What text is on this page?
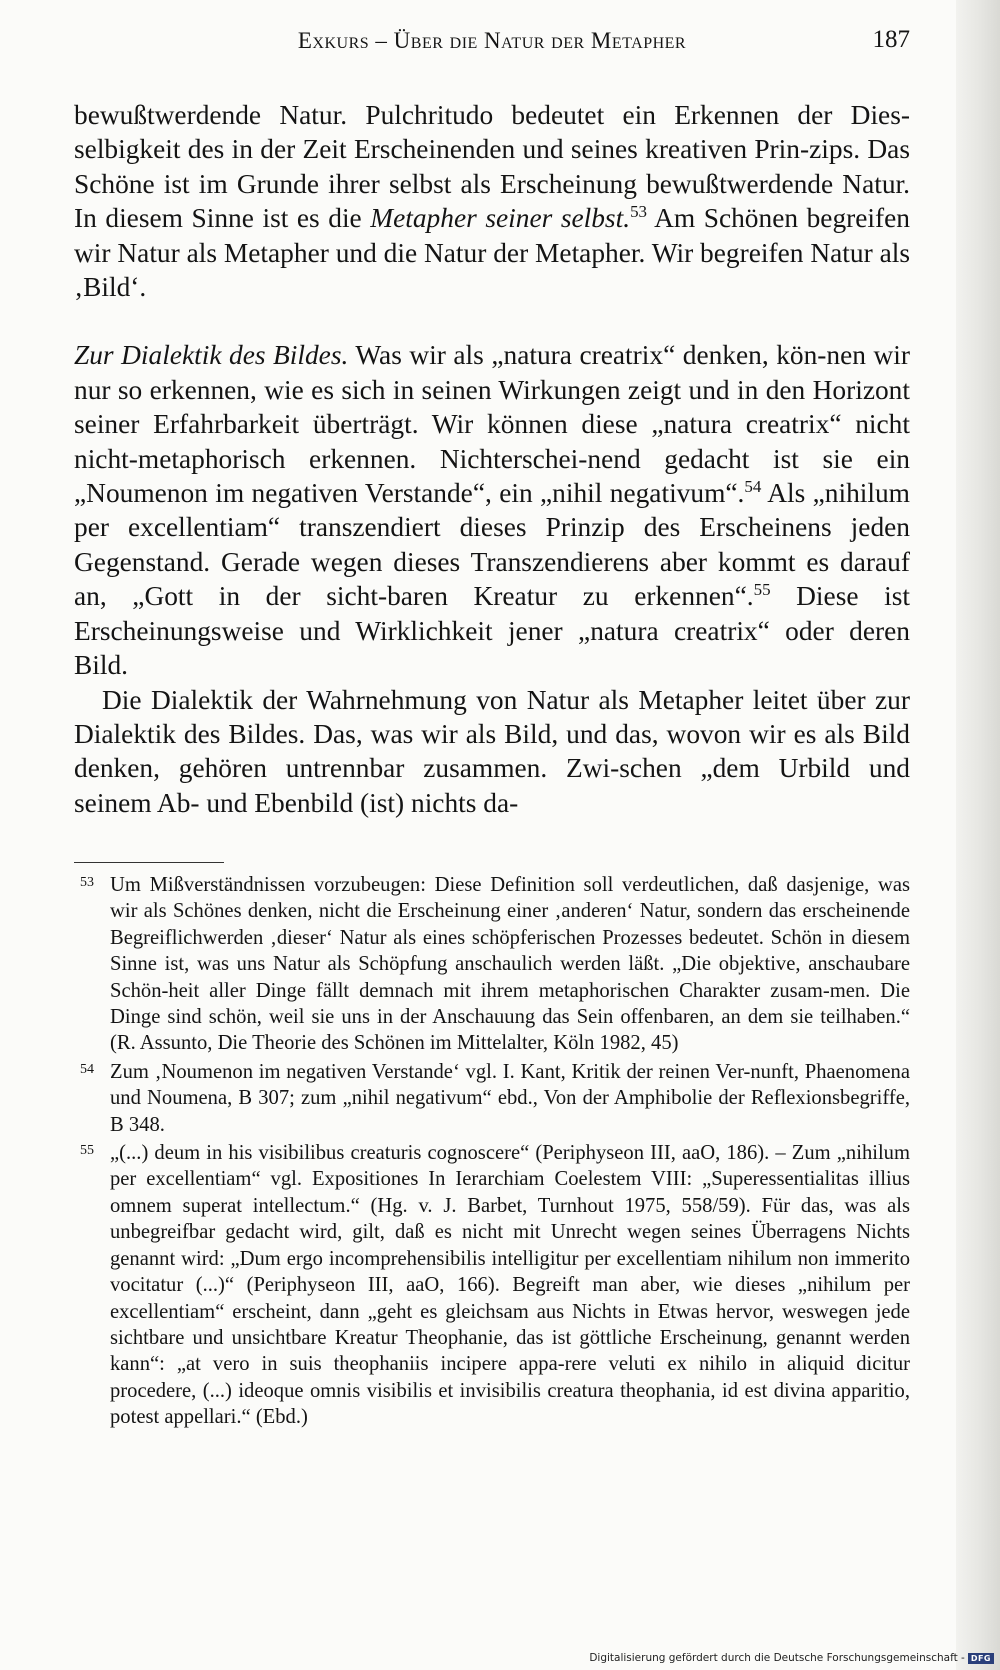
Exkurs – Über die Natur der Metapher	187

bewußtwerdende Natur. Pulchritudo bedeutet ein Erkennen der Dies-selbigkeit des in der Zeit Erscheinenden und seines kreativen Prin-zips. Das Schöne ist im Grunde ihrer selbst als Erscheinung bewußtwerdende Natur. In diesem Sinne ist es die Metapher seiner selbst.$^{53}$ Am Schönen begreifen wir Natur als Metapher und die Natur der Metapher. Wir begreifen Natur als ‚Bild‘.

Zur Dialektik des Bildes. Was wir als „natura creatrix“ denken, kön-nen wir nur so erkennen, wie es sich in seinen Wirkungen zeigt und in den Horizont seiner Erfahrbarkeit überträgt. Wir können diese „natura creatrix“ nicht nicht-metaphorisch erkennen. Nichterschei-nend gedacht ist sie ein „Noumenon im negativen Verstande“, ein „nihil negativum“.$^{54}$ Als „nihilum per excellentiam“ transzendiert dieses Prinzip des Erscheinens jeden Gegenstand. Gerade wegen dieses Transzendierens aber kommt es darauf an, „Gott in der sicht-baren Kreatur zu erkennen“.$^{55}$ Diese ist Erscheinungsweise und Wirklichkeit jener „natura creatrix“ oder deren Bild.

Die Dialektik der Wahrnehmung von Natur als Metapher leitet über zur Dialektik des Bildes. Das, was wir als Bild, und das, wovon wir es als Bild denken, gehören untrennbar zusammen. Zwi-schen „dem Urbild und seinem Ab- und Ebenbild (ist) nichts da-

53 Um Mißverständnissen vorzubeugen: Diese Definition soll verdeutlichen, daß dasjenige, was wir als Schönes denken, nicht die Erscheinung einer ‚anderen‘ Natur, sondern das erscheinende Begreiflichwerden ‚dieser‘ Natur als eines schöpferischen Prozesses bedeutet. Schön in diesem Sinne ist, was uns Natur als Schöpfung anschaulich werden läßt. „Die objektive, anschaubare Schön-heit aller Dinge fällt demnach mit ihrem metaphorischen Charakter zusam-men. Die Dinge sind schön, weil sie uns in der Anschauung das Sein offenbaren, an dem sie teilhaben.“ (R. Assunto, Die Theorie des Schönen im Mittelalter, Köln 1982, 45)

54 Zum ‚Noumenon im negativen Verstande‘ vgl. I. Kant, Kritik der reinen Ver-nunft, Phaenomena und Noumena, B 307; zum „nihil negativum“ ebd., Von der Amphibolie der Reflexionsbegriffe, B 348.

55 „(...) deum in his visibilibus creaturis cognoscere“ (Periphyseon III, aaO, 186). – Zum „nihilum per excellentiam“ vgl. Expositiones In Ierarchiam Coelestem VIII: „Superessentialitas illius omnem superat intellectum.“ (Hg. v. J. Barbet, Turnhout 1975, 558/59). Für das, was als unbegreifbar gedacht wird, gilt, daß es nicht mit Unrecht wegen seines Überragens Nichts genannt wird: „Dum ergo incomprehensibilis intelligitur per excellentiam nihilum non immerito vocitatur (...)“ (Periphyseon III, aaO, 166). Begreift man aber, wie dieses „nihilum per excellentiam“ erscheint, dann „geht es gleichsam aus Nichts in Etwas hervor, weswegen jede sichtbare und unsichtbare Kreatur Theophanie, das ist göttliche Erscheinung, genannt werden kann“: „at vero in suis theophaniis incipere appa-rere veluti ex nihilo in aliquid dicitur procedere, (...) ideoque omnis visibilis et invisibilis creatura theophania, id est divina apparitio, potest appellari.“ (Ebd.)

Digitalisierung gefördert durch die Deutsche Forschungsgemeinschaft - DFG
